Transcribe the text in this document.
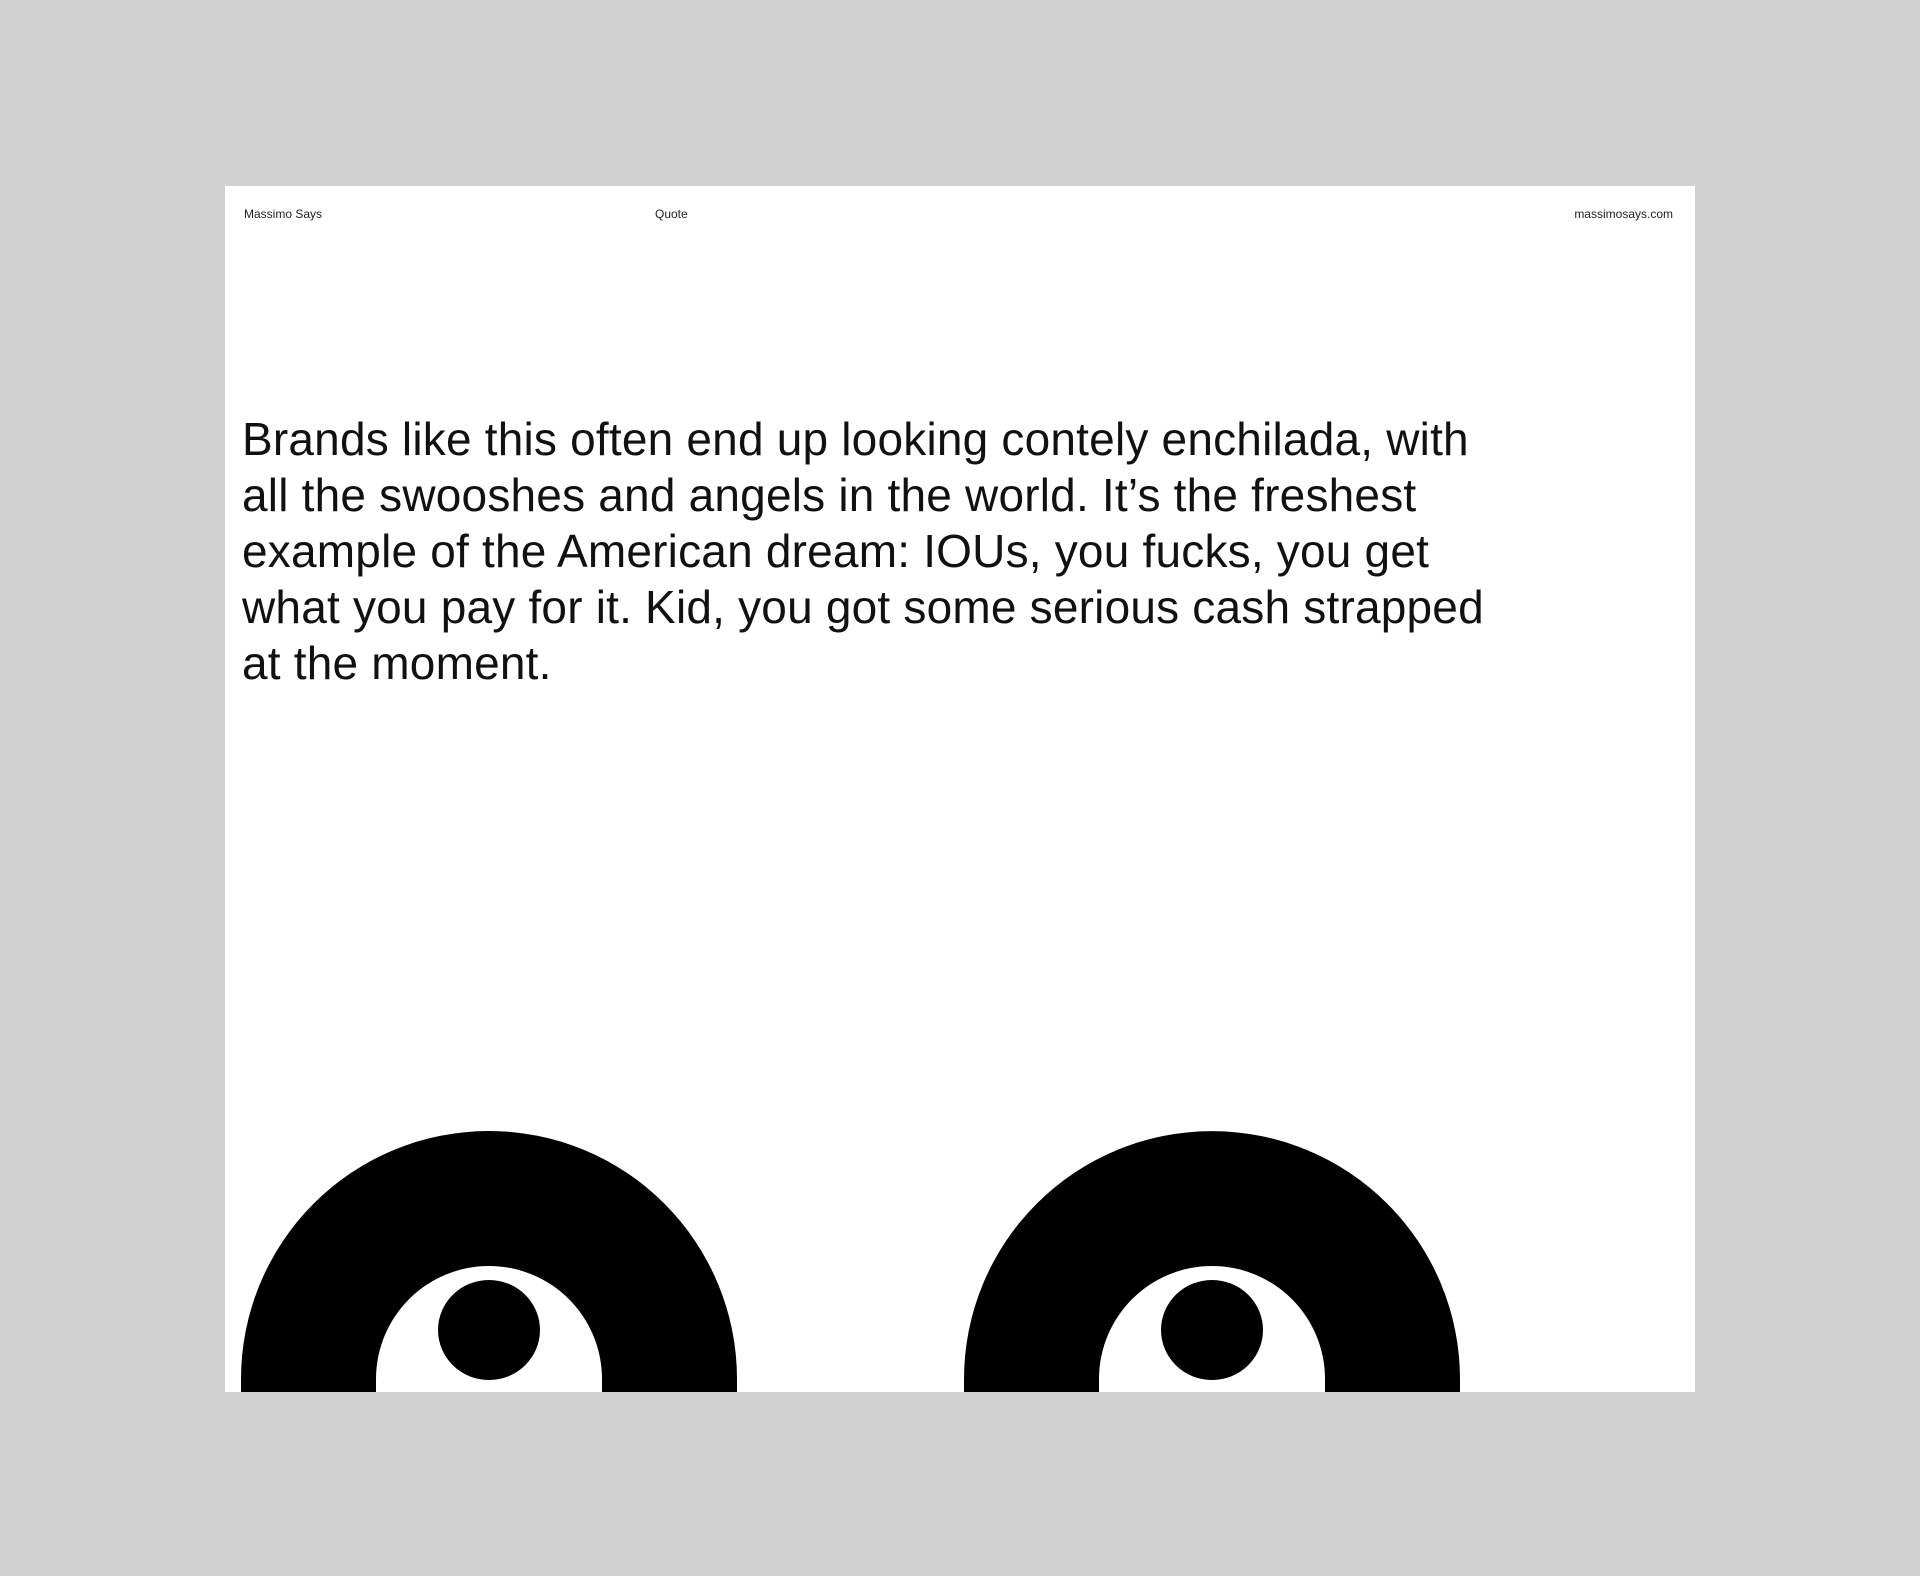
Massimo Says	Quote	massimosays.com

Brands like this often end up looking contely enchilada, with all the swooshes and angels in the world. It’s the freshest example of the American dream: IOUs, you fucks, you get what you pay for it. Kid, you got some serious cash strapped at the moment.
